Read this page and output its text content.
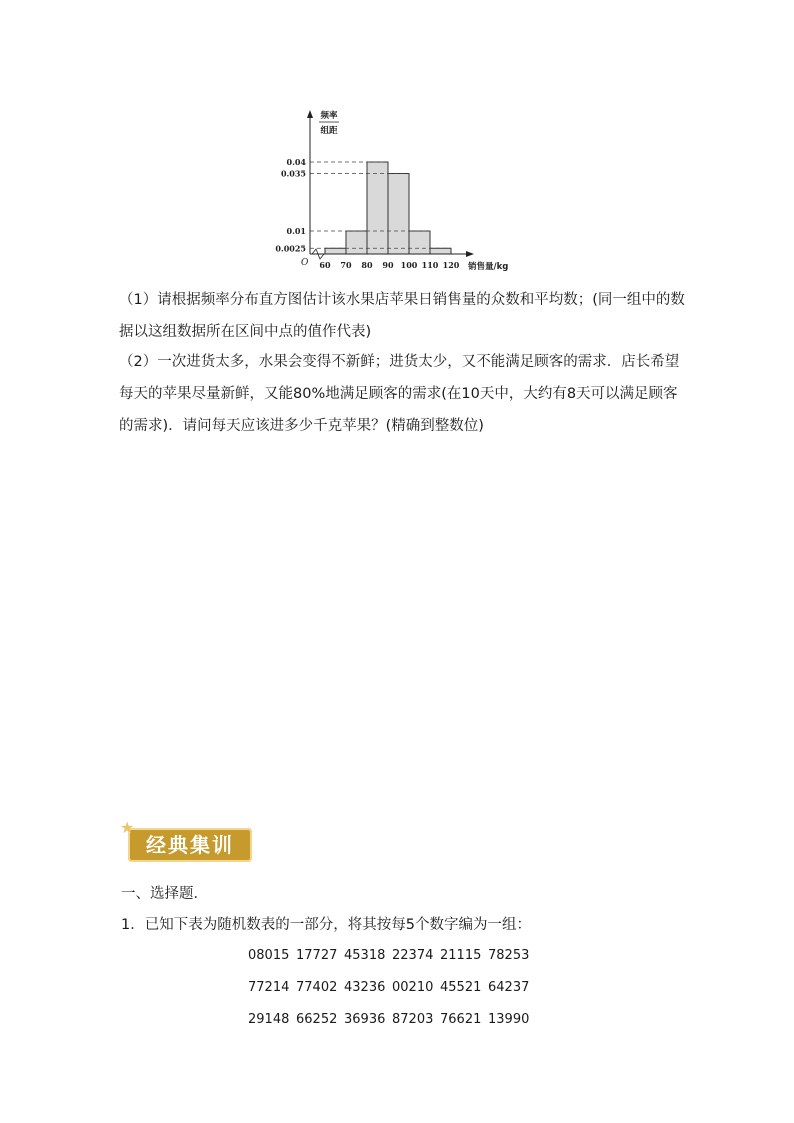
0.0025
0.01
0.035
0.04
O 60 70 80 90 100 110 120 销售量/kg
频率
组距

（1）请根据频率分布直方图估计该水果店苹果日销售量的众数和平均数；(同一组中的数据以这组数据所在区间中点的值作代表)

（2）一次进货太多，水果会变得不新鲜；进货太少，又不能满足顾客的需求．店长希望每天的苹果尽量新鲜，又能80%地满足顾客的需求(在10天中，大约有8天可以满足顾客的需求)．请问每天应该进多少千克苹果？(精确到整数位)

★
经典集训
一、选择题．
1．已知下表为随机数表的一部分，将其按每5个数字编为一组：
08015 17727 45318 22374 21115 78253
77214 77402 43236 00210 45521 64237
29148 66252 36936 87203 76621 13990
